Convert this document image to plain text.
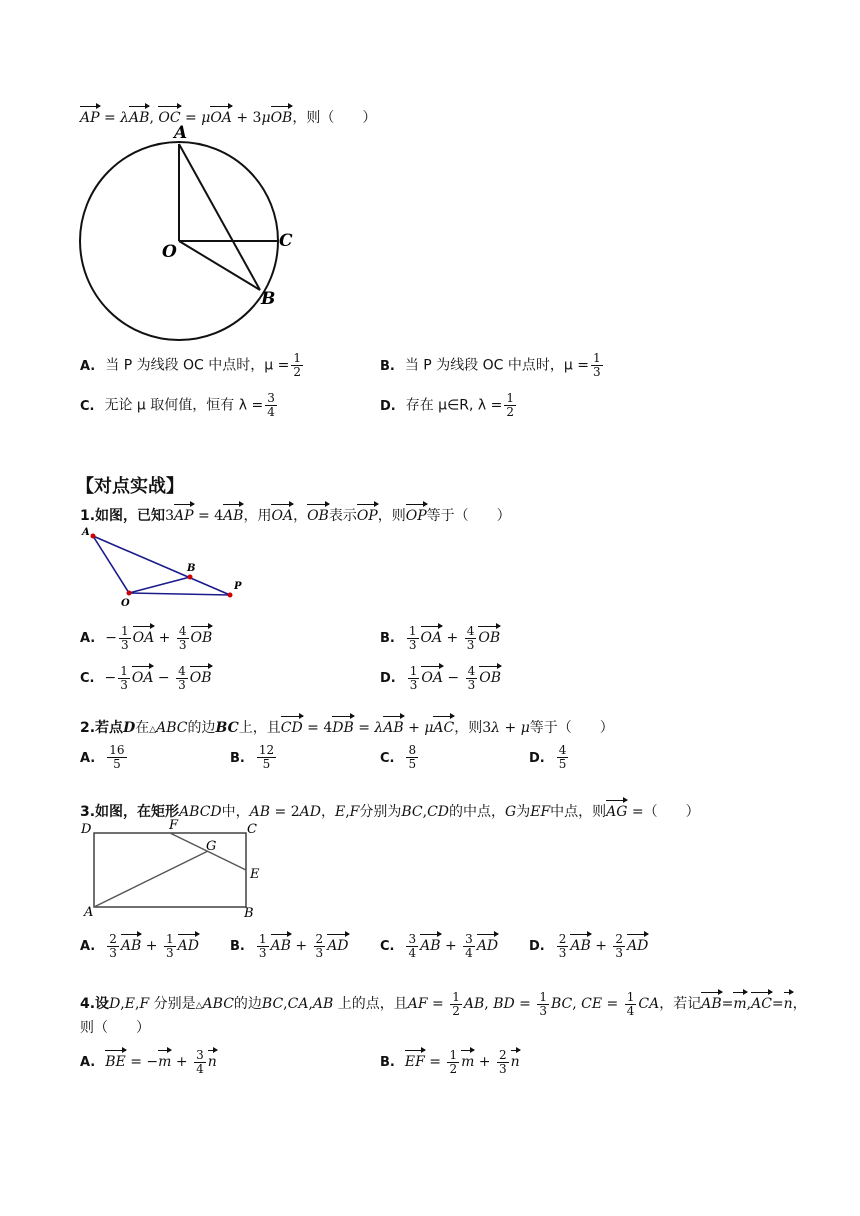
AP = λAB, OC = μOA + 3μOB，则（　　）
A
O
C
B
A. 当 P 为线段 OC 中点时，$\mu = \frac{1}{2}$	B. 当 P 为线段 OC 中点时，$\mu = \frac{1}{3}$
C. 无论 μ 取何值，恒有 $\lambda = \frac{3}{4}$	D. 存在 μ∈R, $\lambda = \frac{1}{2}$
【对点实战】
1.如图，已知3AP = 4AB，用OA，OB表示OP，则OP等于（　　）
A
B
P
O
A. − $\frac{1}{3}$ OA + $\frac{4}{3}$ OB	B. $\frac{1}{3}$ OA + $\frac{4}{3}$ OB
C. − $\frac{1}{3}$ OA − $\frac{4}{3}$ OB	D. $\frac{1}{3}$ OA − $\frac{4}{3}$ OB
2.若点D在△ABC的边BC上，且CD = 4DB = λAB + μAC，则3λ + μ等于（　　）
A. $\frac{16}{5}$	B. $\frac{12}{5}$	C. $\frac{8}{5}$	D. $\frac{4}{5}$
3.如图，在矩形ABCD中，AB = 2AD，E,F分别为BC,CD的中点，G为EF中点，则AG =（　　）
D	F	C
G
E
A	B
A. $\frac{2}{3}$ AB + $\frac{1}{3}$ AD B. $\frac{1}{3}$ AB + $\frac{2}{3}$ AD C. $\frac{3}{4}$ AB + $\frac{3}{4}$ AD D. $\frac{2}{3}$ AB + $\frac{2}{3}$ AD
4.设D,E,F 分别是△ABC的边BC,CA,AB 上的点，且AF = $\frac{1}{2}$ AB, BD = $\frac{1}{3}$ BC, CE = $\frac{1}{4}$ CA，若记AB=m,AC=n，
则（　　）
A. BE = $-m + \frac{3}{4}$ n	B. EF = $\frac{1}{2}$ $m + \frac{2}{3}$ n
